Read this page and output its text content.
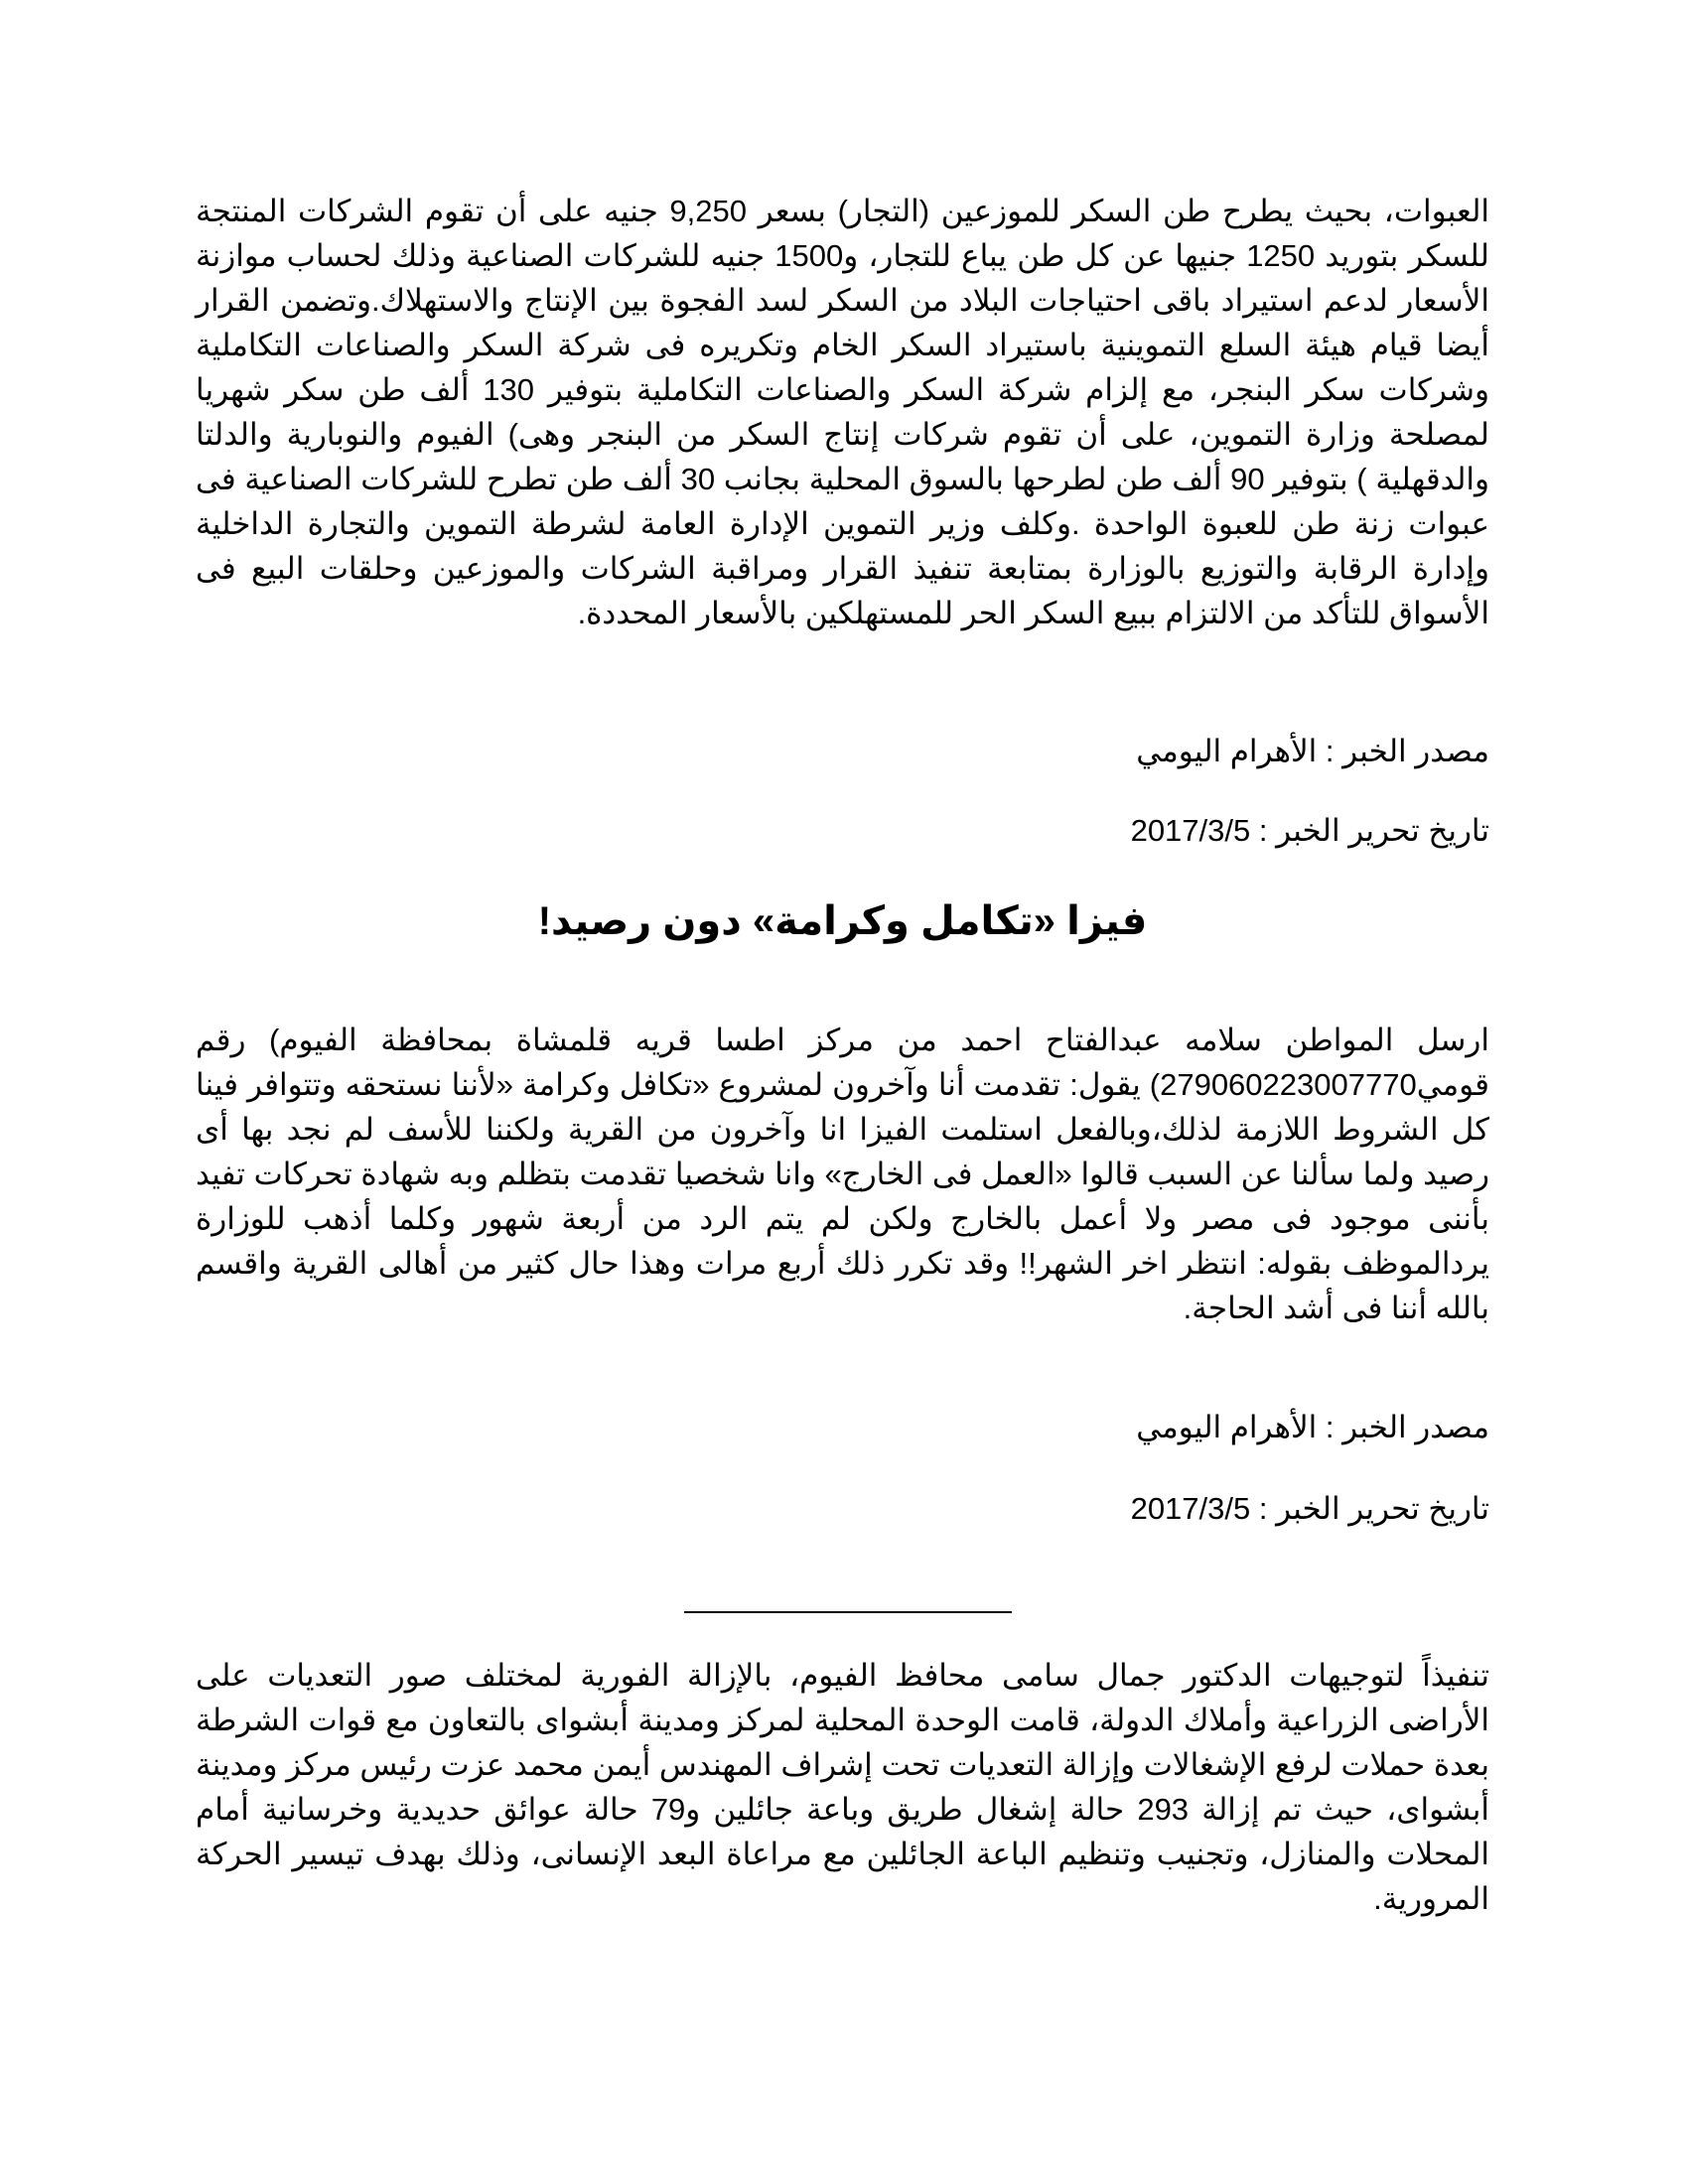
العبوات، بحيث يطرح طن السكر للموزعين (التجار) بسعر 9,250 جنيه على أن تقوم الشركات المنتجة للسكر بتوريد 1250 جنيها عن كل طن يباع للتجار، و1500 جنيه للشركات الصناعية وذلك لحساب موازنة الأسعار لدعم استيراد باقى احتياجات البلاد من السكر لسد الفجوة بين الإنتاج والاستهلاك.وتضمن القرار أيضا قيام هيئة السلع التموينية باستيراد السكر الخام وتكريره فى شركة السكر والصناعات التكاملية وشركات سكر البنجر، مع إلزام شركة السكر والصناعات التكاملية بتوفير 130 ألف طن سكر شهريا لمصلحة وزارة التموين، على أن تقوم شركات إنتاج السكر من البنجر وهى) الفيوم والنوبارية والدلتا والدقهلية ) بتوفير 90 ألف طن لطرحها بالسوق المحلية بجانب 30 ألف طن تطرح للشركات الصناعية فى عبوات زنة طن للعبوة الواحدة .وكلف وزير التموين الإدارة العامة لشرطة التموين والتجارة الداخلية وإدارة الرقابة والتوزيع بالوزارة بمتابعة تنفيذ القرار ومراقبة الشركات والموزعين وحلقات البيع فى الأسواق للتأكد من الالتزام ببيع السكر الحر للمستهلكين بالأسعار المحددة.

مصدر الخبر : الأهرام اليومي

تاريخ تحرير الخبر : 2017/3/5

فيزا «تكامل وكرامة» دون رصيد!

ارسل المواطن سلامه عبدالفتاح احمد من مركز اطسا قريه قلمشاة بمحافظة الفيوم) رقم قومي27906022300777​0) يقول: تقدمت أنا وآخرون لمشروع «تكافل وكرامة «لأننا نستحقه وتتوافر فينا كل الشروط اللازمة لذلك،وبالفعل استلمت الفيزا انا وآخرون من القرية ولكننا للأسف لم نجد بها أى رصيد ولما سألنا عن السبب قالوا «العمل فى الخارج» وانا شخصيا تقدمت بتظلم وبه شهادة تحركات تفيد بأننى موجود فى مصر ولا أعمل بالخارج ولكن لم يتم الرد من أربعة شهور وكلما أذهب للوزارة يردالموظف بقوله: انتظر اخر الشهر!! وقد تكرر ذلك أربع مرات وهذا حال كثير من أهالى القرية واقسم بالله أننا فى أشد الحاجة.

مصدر الخبر : الأهرام اليومي

تاريخ تحرير الخبر : 2017/3/5

تنفيذاً لتوجيهات الدكتور جمال سامى محافظ الفيوم، بالإزالة الفورية لمختلف صور التعديات على الأراضى الزراعية وأملاك الدولة، قامت الوحدة المحلية لمركز ومدينة أبشواى بالتعاون مع قوات الشرطة بعدة حملات لرفع الإشغالات وإزالة التعديات تحت إشراف المهندس أيمن محمد عزت رئيس مركز ومدينة أبشواى، حيث تم إزالة 293 حالة إشغال طريق وباعة جائلين و79 حالة عوائق حديدية وخرسانية أمام المحلات والمنازل، وتجنيب وتنظيم الباعة الجائلين مع مراعاة البعد الإنسانى، وذلك بهدف تيسير الحركة المرورية.
